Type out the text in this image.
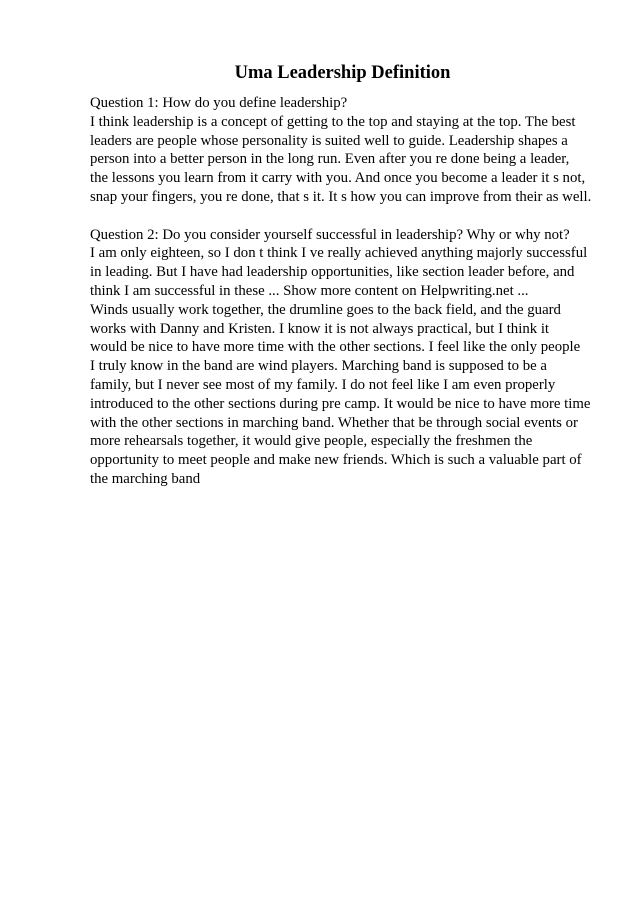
Uma Leadership Definition
Question 1: How do you define leadership?
I think leadership is a concept of getting to the top and staying at the top. The best
leaders are people whose personality is suited well to guide. Leadership shapes a
person into a better person in the long run. Even after you re done being a leader,
the lessons you learn from it carry with you. And once you become a leader it s not,
snap your fingers, you re done, that s it. It s how you can improve from their as well.
Question 2: Do you consider yourself successful in leadership? Why or why not?
I am only eighteen, so I don t think I ve really achieved anything majorly successful
in leading. But I have had leadership opportunities, like section leader before, and
think I am successful in these ... Show more content on Helpwriting.net ...
Winds usually work together, the drumline goes to the back field, and the guard
works with Danny and Kristen. I know it is not always practical, but I think it
would be nice to have more time with the other sections. I feel like the only people
I truly know in the band are wind players. Marching band is supposed to be a
family, but I never see most of my family. I do not feel like I am even properly
introduced to the other sections during pre camp. It would be nice to have more time
with the other sections in marching band. Whether that be through social events or
more rehearsals together, it would give people, especially the freshmen the
opportunity to meet people and make new friends. Which is such a valuable part of
the marching band
